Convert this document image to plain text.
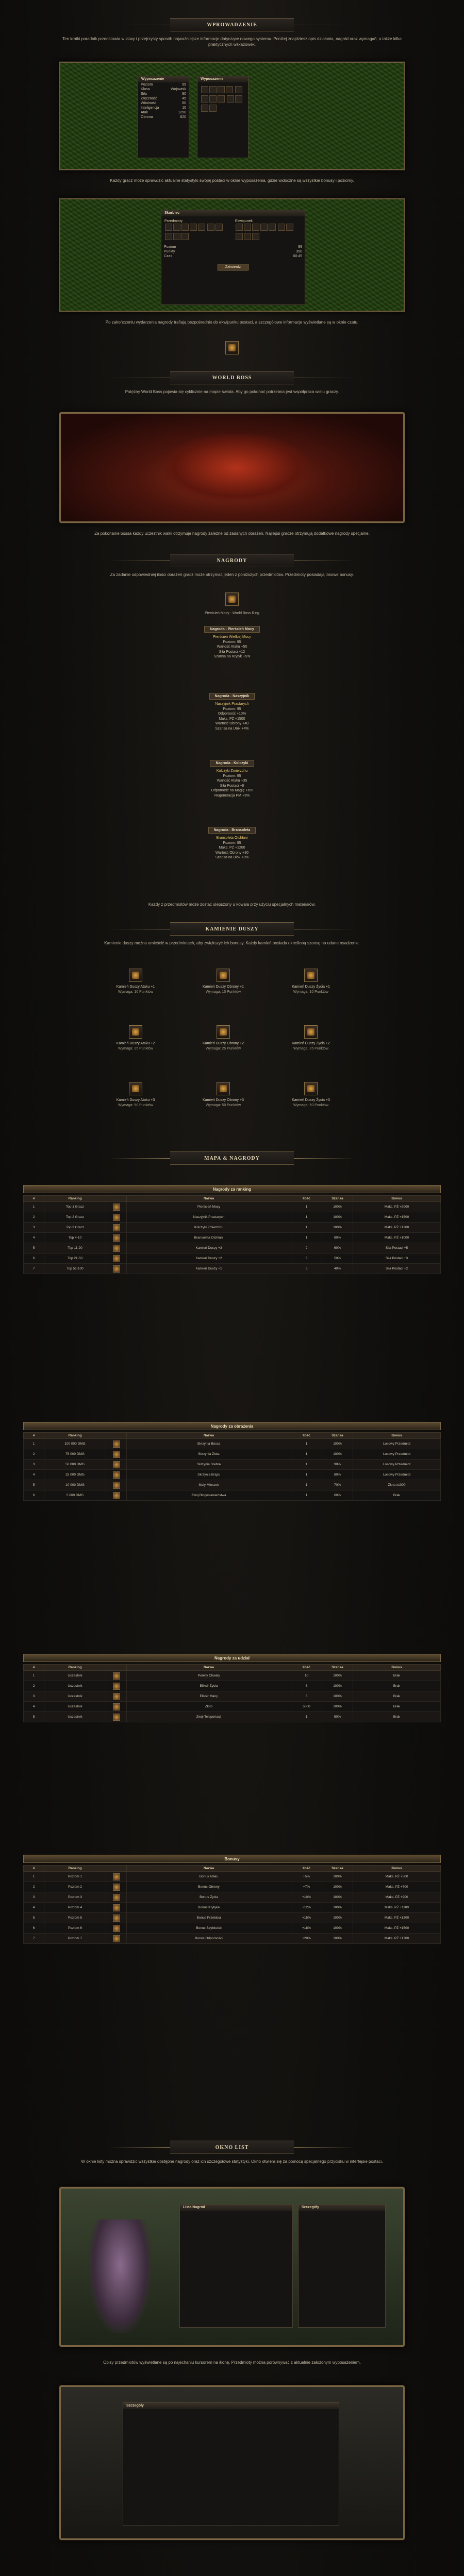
WPROWADZENIE
Ten krótki poradnik przedstawia w łatwy i przejrzysty sposób najważniejsze informacje dotyczące nowego systemu. Poniżej znajdziesz opis działania, nagród oraz wymagań, a także kilka praktycznych wskazówek.
Wyposażenie
Poziom	99
Klasa	Wojownik
Siła	90
Zręczność	45
Witalność	80
Inteligencja	10
Atak	1250
Obrona	820
Wyposażenie

Każdy gracz może sprawdzić aktualne statystyki swojej postaci w oknie wyposażenia, gdzie widoczne są wszystkie bonusy i poziomy.
Skarbiec
Przedmioty
	Ekwipunek

Poziom	99
Punkty	350
Czas	00:45
Zatwierdź
Po zakończeniu wydarzenia nagrody trafiają bezpośrednio do ekwipunku postaci, a szczegółowe informacje wyświetlane są w oknie czatu.
WORLD BOSS
Potężny World Boss pojawia się cyklicznie na mapie świata. Aby go pokonać potrzebna jest współpraca wielu graczy.
Za pokonanie bossa każdy uczestnik walki otrzymuje nagrody zależne od zadanych obrażeń. Najlepsi gracze otrzymują dodatkowe nagrody specjalne.
NAGRODY
Za zadanie odpowiedniej ilości obrażeń gracz może otrzymać jeden z poniższych przedmiotów. Przedmioty posiadają losowe bonusy.
Pierścień Mocy - World Boss Ring
Nagroda - Pierścień Mocy
Pierścień Wielkiej Mocy
Poziom: 95
Wartość Ataku +50
Siła Postaci +12
Szansa na Krytyk +5%
Nagroda - Naszyjnik
Naszyjnik Prastarych
Poziom: 95
Odporność +10%
Maks. PŻ +1500
Wartość Obrony +40
Szansa na Unik +4%
Nagroda - Kolczyki
Kolczyki Zmierzchu
Poziom: 95
Wartość Ataku +35
Siła Postaci +8
Odporność na Magię +6%
Regeneracja PM +3%
Nagroda - Bransoleta
Bransoleta Otchłani
Poziom: 95
Maks. PŻ +1200
Wartość Obrony +30
Szansa na Blok +3%
Każdy z przedmiotów może zostać ulepszony u kowala przy użyciu specjalnych materiałów.
KAMIENIE DUSZY
Kamienie duszy można umieścić w przedmiotach, aby zwiększyć ich bonusy. Każdy kamień posiada określoną szansę na udane osadzenie.
Kamień Duszy Ataku +1
Wymaga: 10 Punktów
Kamień Duszy Obrony +1
Wymaga: 10 Punktów
Kamień Duszy Życia +1
Wymaga: 10 Punktów
Kamień Duszy Ataku +2
Wymaga: 25 Punktów
Kamień Duszy Obrony +2
Wymaga: 25 Punktów
Kamień Duszy Życia +2
Wymaga: 25 Punktów
Kamień Duszy Ataku +3
Wymaga: 50 Punktów
Kamień Duszy Obrony +3
Wymaga: 50 Punktów
Kamień Duszy Życia +3
Wymaga: 50 Punktów
MAPA & NAGRODY
Nagrody za ranking
#	Ranking		Nazwa	Ilość	Szansa	Bonus
1	Top 1 Gracz		Pierścień Mocy	1	100%	Maks. PŻ +2000
2	Top 2 Gracz		Naszyjnik Prastarych	1	100%	Maks. PŻ +1500
3	Top 3 Gracz		Kolczyki Zmierzchu	1	100%	Maks. PŻ +1200
4	Top 4-10		Bransoleta Otchłani	1	80%	Maks. PŻ +1000
5	Top 11-20		Kamień Duszy +3	2	60%	Siła Postaci +5
6	Top 21-50		Kamień Duszy +2	3	50%	Siła Postaci +3
7	Top 51-100		Kamień Duszy +1	5	40%	Siła Postaci +2
Nagrody za obrażenia
#	Ranking		Nazwa	Ilość	Szansa	Bonus
1	100 000 DMG		Skrzynia Bossa	1	100%	Losowy Przedmiot
2	75 000 DMG		Skrzynia Złota	1	100%	Losowy Przedmiot
3	50 000 DMG		Skrzynia Srebra	1	90%	Losowy Przedmiot
4	25 000 DMG		Skrzynia Brązu	1	80%	Losowy Przedmiot
5	10 000 DMG		Mały Mieszek	1	70%	Złoto x1000
6	5 000 DMG		Zwój Błogosławieństwa	1	60%	Brak
Nagrody za udział
#	Ranking		Nazwa	Ilość	Szansa	Bonus
1	Uczestnik		Punkty Chwały	10	100%	Brak
2	Uczestnik		Eliksir Życia	5	100%	Brak
3	Uczestnik		Eliksir Many	5	100%	Brak
4	Uczestnik		Złoto	5000	100%	Brak
5	Uczestnik		Zwój Teleportacji	1	50%	Brak
Bonusy
#	Ranking		Nazwa	Ilość	Szansa	Bonus
1	Poziom 1		Bonus Ataku	+5%	100%	Maks. PŻ +500
2	Poziom 2		Bonus Obrony	+7%	100%	Maks. PŻ +700
3	Poziom 3		Bonus Życia	+10%	100%	Maks. PŻ +900
4	Poziom 4		Bonus Krytyka	+12%	100%	Maks. PŻ +1100
5	Poziom 5		Bonus Przebicia	+15%	100%	Maks. PŻ +1300
6	Poziom 6		Bonus Szybkości	+18%	100%	Maks. PŻ +1500
7	Poziom 7		Bonus Odporności	+20%	100%	Maks. PŻ +1700
OKNO LIST
W oknie listy można sprawdzić wszystkie dostępne nagrody oraz ich szczegółowe statystyki. Okno otwiera się za pomocą specjalnego przycisku w interfejsie postaci.
Lista Nagród	Szczegóły
Opisy przedmiotów wyświetlane są po najechaniu kursorem na ikonę. Przedmioty można porównywać z aktualnie założonym wyposażeniem.
Szczegóły
